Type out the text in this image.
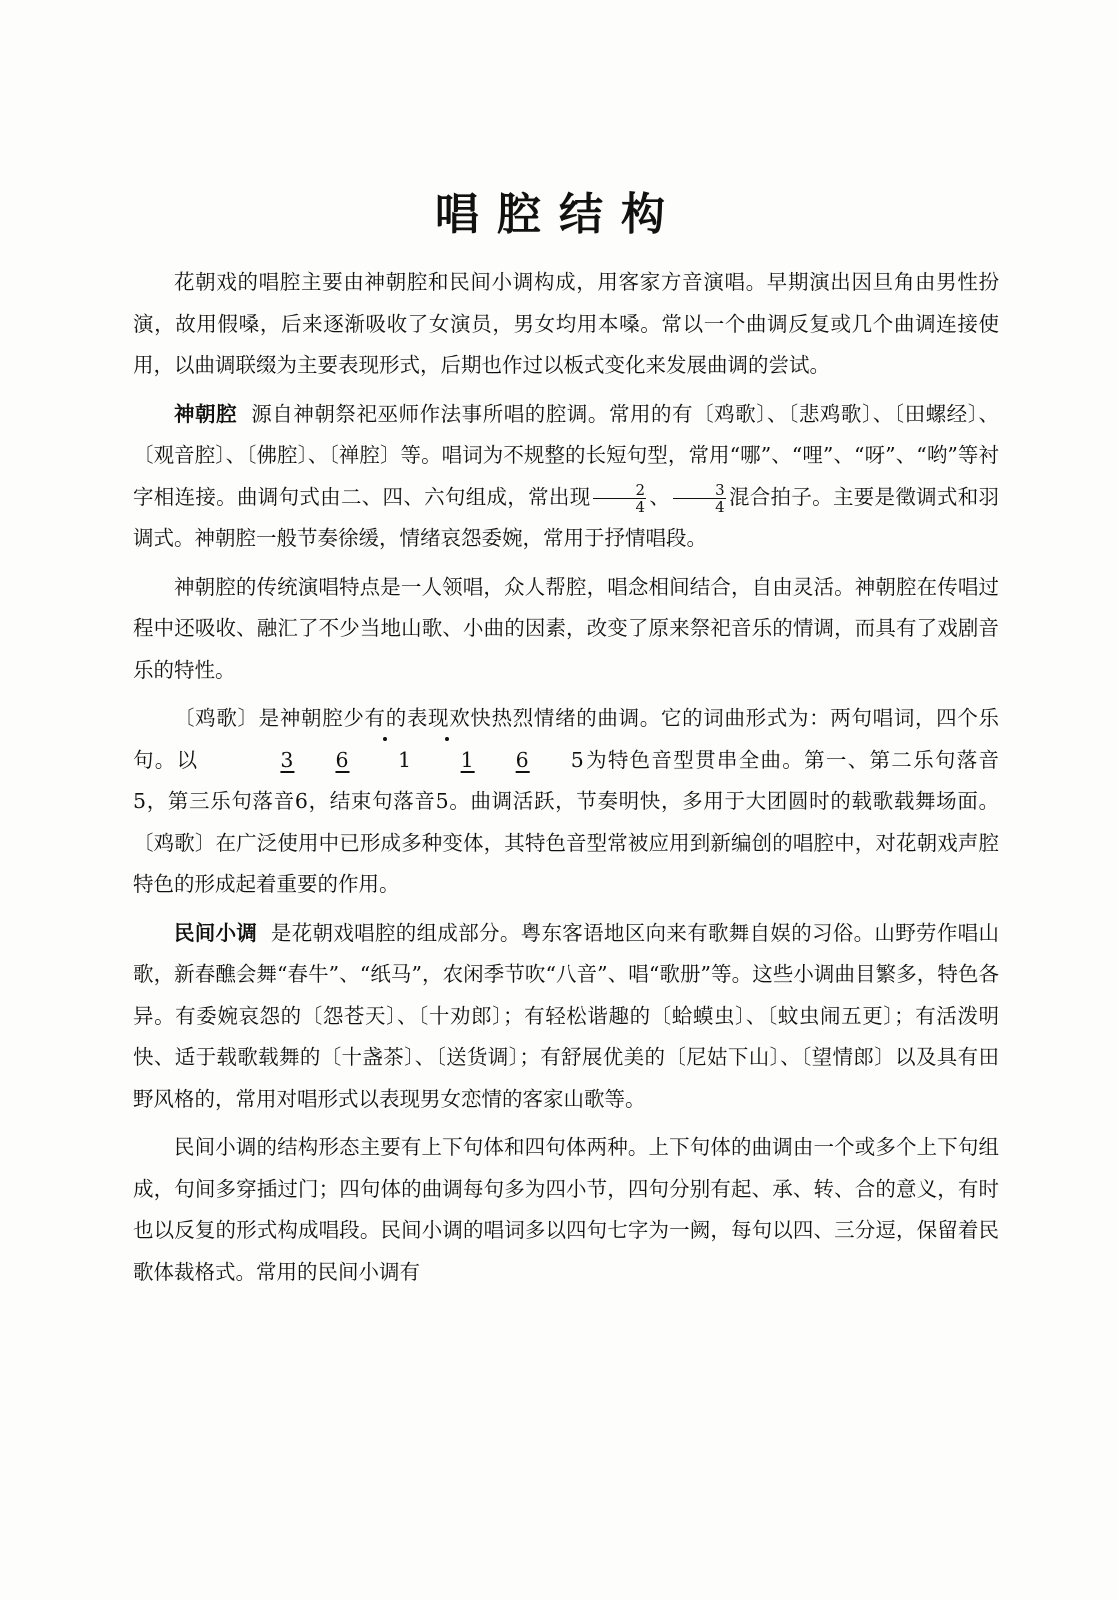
唱腔结构

花朝戏的唱腔主要由神朝腔和民间小调构成，用客家方音演唱。早期演出因旦角由男性扮演，故用假嗓，后来逐渐吸收了女演员，男女均用本嗓。常以一个曲调反复或几个曲调连接使用，以曲调联缀为主要表现形式，后期也作过以板式变化来发展曲调的尝试。

神朝腔 源自神朝祭祀巫师作法事所唱的腔调。常用的有〔鸡歌〕、〔悲鸡歌〕、〔田螺经〕、〔观音腔〕、〔佛腔〕、〔禅腔〕等。唱词为不规整的长短句型，常用“哪”、“哩”、“呀”、“哟”等衬字相连接。曲调句式由二、四、六句组成，常出现 $\frac{2}{4}$ 、 $\frac{3}{4}$ 混合拍子。主要是徵调式和羽调式。神朝腔一般节奏徐缓，情绪哀怨委婉，常用于抒情唱段。

神朝腔的传统演唱特点是一人领唱，众人帮腔，唱念相间结合，自由灵活。神朝腔在传唱过程中还吸收、融汇了不少当地山歌、小曲的因素，改变了原来祭祀音乐的情调，而具有了戏剧音乐的特性。

〔鸡歌〕是神朝腔少有的表现欢快热烈情绪的曲调。它的词曲形式为：两句唱词，四个乐句。以	3 6 1 1 6 5为特色音型贯串全曲。第一、第二乐句落音5，第三乐句落音6，结束句落音5。曲调活跃，节奏明快，多用于大团圆时的载歌载舞场面。〔鸡歌〕在广泛使用中已形成多种变体，其特色音型常被应用到新编创的唱腔中，对花朝戏声腔特色的形成起着重要的作用。

民间小调 是花朝戏唱腔的组成部分。粤东客语地区向来有歌舞自娱的习俗。山野劳作唱山歌，新春醮会舞“春牛”、“纸马”，农闲季节吹“八音”、唱“歌册”等。这些小调曲目繁多，特色各异。有委婉哀怨的〔怨苍天〕、〔十劝郎〕；有轻松谐趣的〔蛤蟆虫〕、〔蚊虫闹五更〕；有活泼明快、适于载歌载舞的〔十盏茶〕、〔送货调〕；有舒展优美的〔尼姑下山〕、〔望情郎〕以及具有田野风格的，常用对唱形式以表现男女恋情的客家山歌等。

民间小调的结构形态主要有上下句体和四句体两种。上下句体的曲调由一个或多个上下句组成，句间多穿插过门；四句体的曲调每句多为四小节，四句分别有起、承、转、合的意义，有时也以反复的形式构成唱段。民间小调的唱词多以四句七字为一阙，每句以四、三分逗，保留着民歌体裁格式。常用的民间小调有
